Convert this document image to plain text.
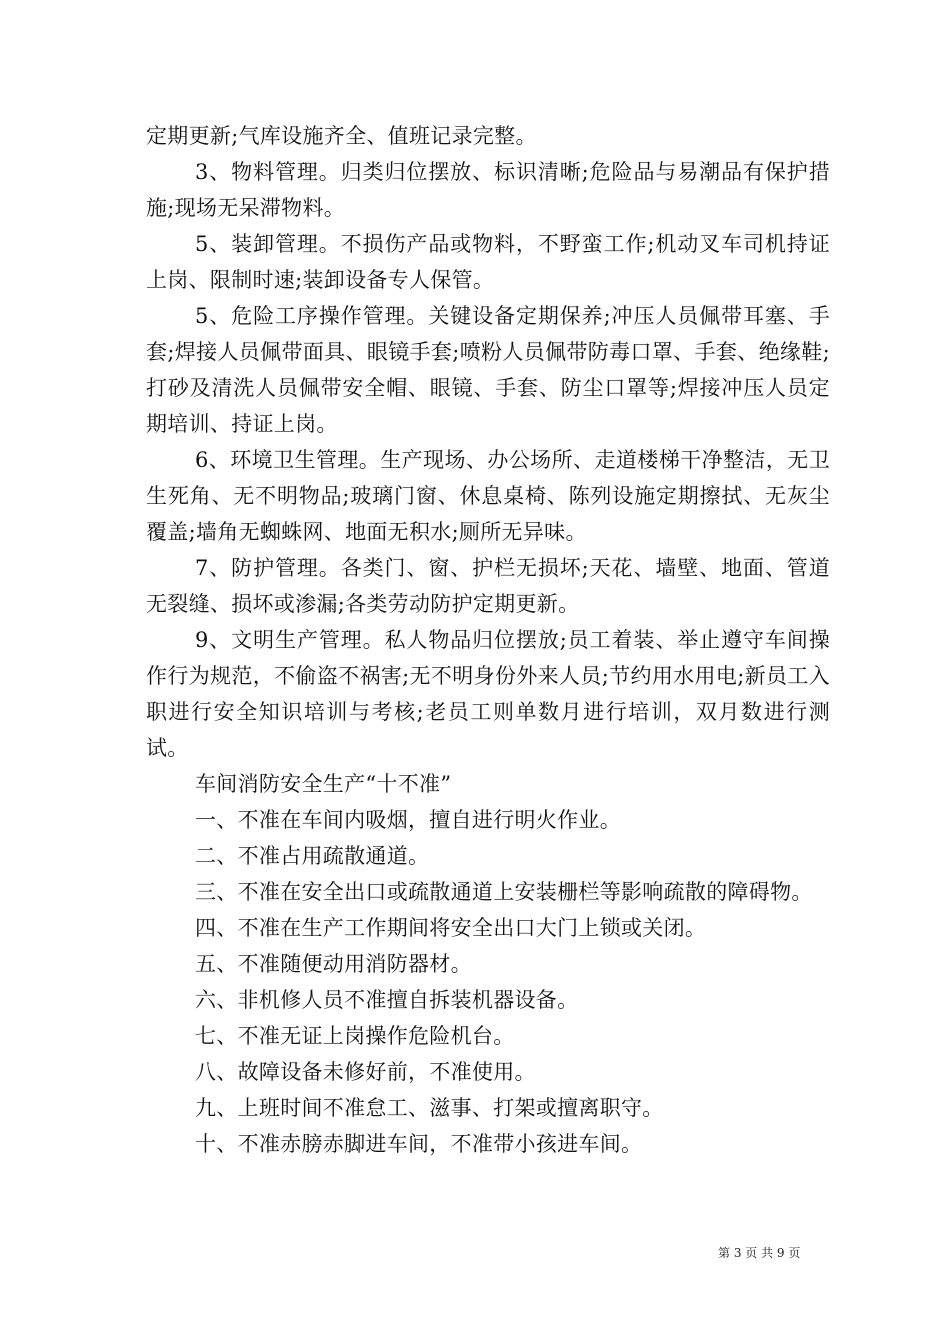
定期更新;气库设施齐全、值班记录完整。

3、物料管理。归类归位摆放、标识清晰;危险品与易潮品有保护措施;现场无呆滞物料。

5、装卸管理。不损伤产品或物料，不野蛮工作;机动叉车司机持证上岗、限制时速;装卸设备专人保管。

5、危险工序操作管理。关键设备定期保养;冲压人员佩带耳塞、手套;焊接人员佩带面具、眼镜手套;喷粉人员佩带防毒口罩、手套、绝缘鞋;打砂及清洗人员佩带安全帽、眼镜、手套、防尘口罩等;焊接冲压人员定期培训、持证上岗。

6、环境卫生管理。生产现场、办公场所、走道楼梯干净整洁，无卫生死角、无不明物品;玻璃门窗、休息桌椅、陈列设施定期擦拭、无灰尘覆盖;墙角无蜘蛛网、地面无积水;厕所无异味。

7、防护管理。各类门、窗、护栏无损坏;天花、墙壁、地面、管道无裂缝、损坏或渗漏;各类劳动防护定期更新。

9、文明生产管理。私人物品归位摆放;员工着装、举止遵守车间操作行为规范，不偷盗不祸害;无不明身份外来人员;节约用水用电;新员工入职进行安全知识培训与考核;老员工则单数月进行培训，双月数进行测试。

车间消防安全生产“十不准”

一、不准在车间内吸烟，擅自进行明火作业。

二、不准占用疏散通道。

三、不准在安全出口或疏散通道上安装栅栏等影响疏散的障碍物。

四、不准在生产工作期间将安全出口大门上锁或关闭。

五、不准随便动用消防器材。

六、非机修人员不准擅自拆装机器设备。

七、不准无证上岗操作危险机台。

八、故障设备未修好前，不准使用。

九、上班时间不准怠工、滋事、打架或擅离职守。

十、不准赤膀赤脚进车间，不准带小孩进车间。

第 3 页 共 9 页
